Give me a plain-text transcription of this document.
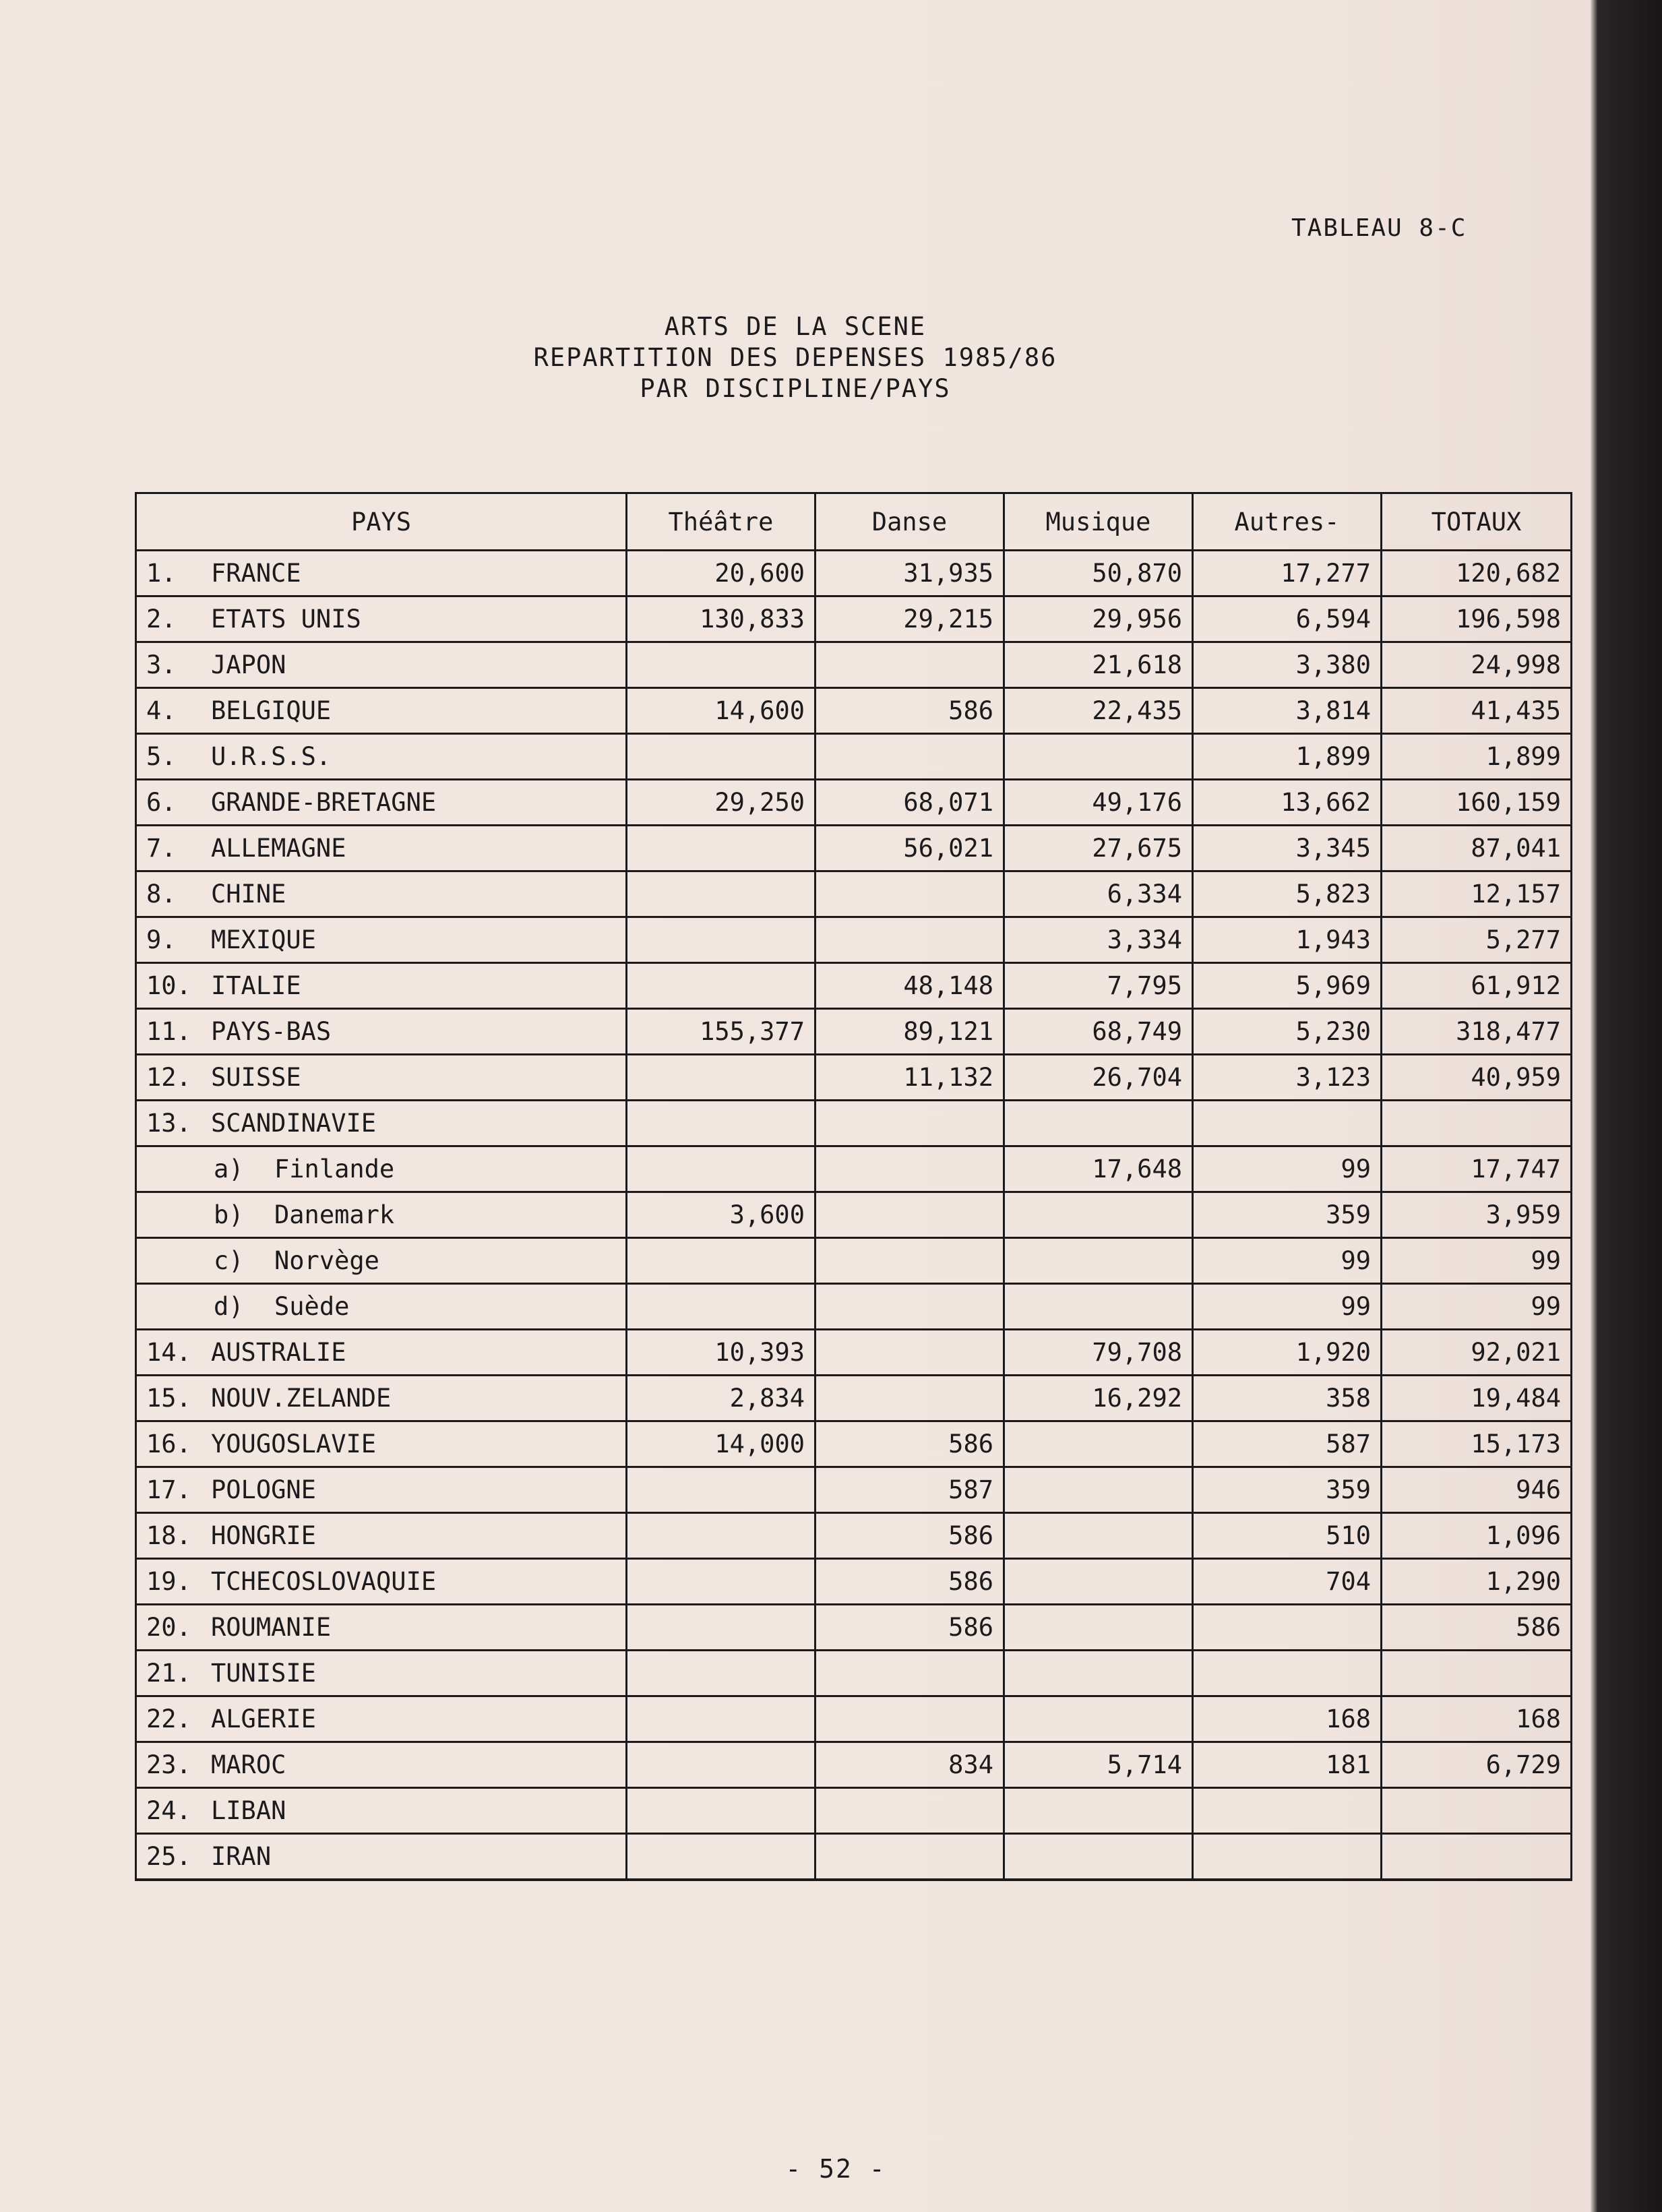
TABLEAU 8-C
ARTS DE LA SCENE
REPARTITION DES DEPENSES 1985/86
PAR DISCIPLINE/PAYS
PAYS	Théâtre	Danse	Musique	Autres-	TOTAUX
1. FRANCE	20,600	31,935	50,870	17,277	120,682
2. ETATS UNIS	130,833	29,215	29,956	6,594	196,598
3. JAPON			21,618	3,380	24,998
4. BELGIQUE	14,600	586	22,435	3,814	41,435
5. U.R.S.S.				1,899	1,899
6. GRANDE-BRETAGNE	29,250	68,071	49,176	13,662	160,159
7. ALLEMAGNE		56,021	27,675	3,345	87,041
8. CHINE			6,334	5,823	12,157
9. MEXIQUE			3,334	1,943	5,277
10. ITALIE		48,148	7,795	5,969	61,912
11. PAYS-BAS	155,377	89,121	68,749	5,230	318,477
12. SUISSE		11,132	26,704	3,123	40,959
13. SCANDINAVIE					
a) Finlande			17,648	99	17,747
b) Danemark	3,600			359	3,959
c) Norvège				99	99
d) Suède				99	99
14. AUSTRALIE	10,393		79,708	1,920	92,021
15. NOUV.ZELANDE	2,834		16,292	358	19,484
16. YOUGOSLAVIE	14,000	586		587	15,173
17. POLOGNE		587		359	946
18. HONGRIE		586		510	1,096
19. TCHECOSLOVAQUIE		586		704	1,290
20. ROUMANIE		586			586
21. TUNISIE					
22. ALGERIE				168	168
23. MAROC		834	5,714	181	6,729
24. LIBAN					
25. IRAN					
- 52 -
